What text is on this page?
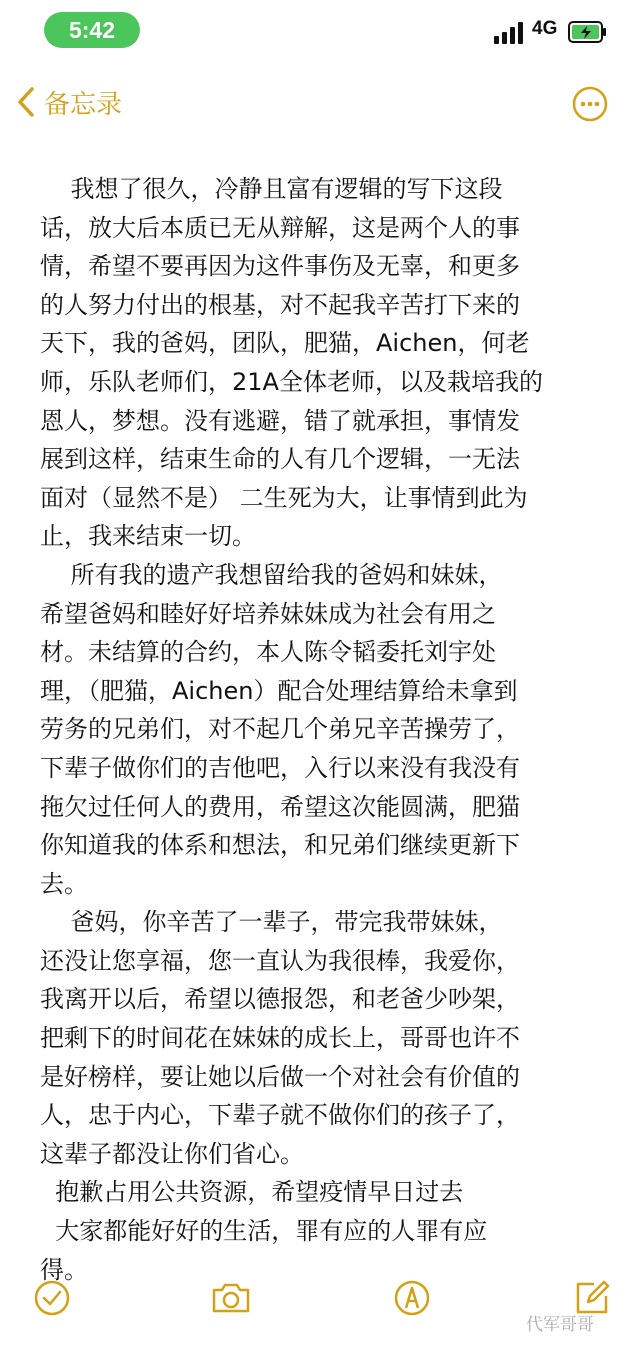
5:42	4G
备忘录
我想了很久，冷静且富有逻辑的写下这段
话，放大后本质已无从辩解，这是两个人的事
情，希望不要再因为这件事伤及无辜，和更多
的人努力付出的根基，对不起我辛苦打下来的
天下，我的爸妈，团队，肥猫，Aichen，何老
师，乐队老师们，21A全体老师，以及栽培我的
恩人，梦想。没有逃避，错了就承担，事情发
展到这样，结束生命的人有几个逻辑，一无法
面对（显然不是） 二生死为大，让事情到此为
止，我来结束一切。
所有我的遗产我想留给我的爸妈和妹妹，
希望爸妈和睦好好培养妹妹成为社会有用之
材。未结算的合约，本人陈令韬委托刘宇处
理，（肥猫，Aichen）配合处理结算给未拿到
劳务的兄弟们，对不起几个弟兄辛苦操劳了，
下辈子做你们的吉他吧，入行以来没有我没有
拖欠过任何人的费用，希望这次能圆满，肥猫
你知道我的体系和想法，和兄弟们继续更新下
去。
爸妈，你辛苦了一辈子，带完我带妹妹，
还没让您享福，您一直认为我很棒，我爱你，
我离开以后，希望以德报怨，和老爸少吵架，
把剩下的时间花在妹妹的成长上，哥哥也许不
是好榜样，要让她以后做一个对社会有价值的
人，忠于内心，下辈子就不做你们的孩子了，
这辈子都没让你们省心。
抱歉占用公共资源，希望疫情早日过去
大家都能好好的生活，罪有应的人罪有应
得。
代军哥哥
